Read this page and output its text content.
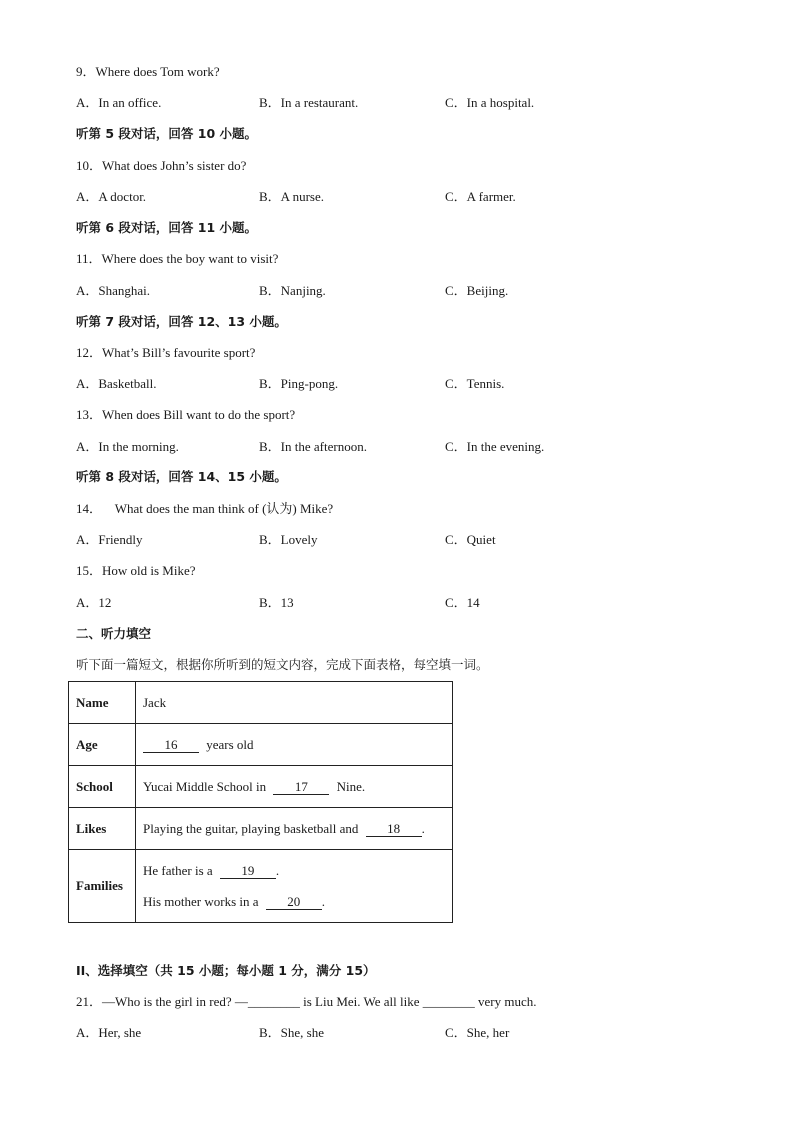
9．Where does Tom work?
A．In an office.	B．In a restaurant.	C．In a hospital.
听第 5 段对话，回答 10 小题。
10．What does John’s sister do?
A．A doctor.	B．A nurse.	C．A farmer.
听第 6 段对话，回答 11 小题。
11．Where does the boy want to visit?
A．Shanghai.	B．Nanjing.	C．Beijing.
听第 7 段对话，回答 12、13 小题。
12．What’s Bill’s favourite sport?
A．Basketball.	B．Ping-pong.	C．Tennis.
13．When does Bill want to do the sport?
A．In the morning.	B．In the afternoon.	C．In the evening.
听第 8 段对话，回答 14、15 小题。
14．    What does the man think of (认为) Mike?
A．Friendly	B．Lovely	C．Quiet
15．How old is Mike?
A．12	B．13	C．14
二、听力填空
听下面一篇短文，根据你所听到的短文内容，完成下面表格，每空填一词。
Name	Jack
Age	16 years old
School	Yucai Middle School in 17 Nine.
Likes	Playing the guitar, playing basketball and 18 .
Families	He father is a 19 .
His mother works in a 20 .
II、选择填空（共 15 小题；每小题 1 分，满分 15）
21．—Who is the girl in red? —________ is Liu Mei. We all like ________ very much.
A．Her, she	B．She, she	C．She, her
